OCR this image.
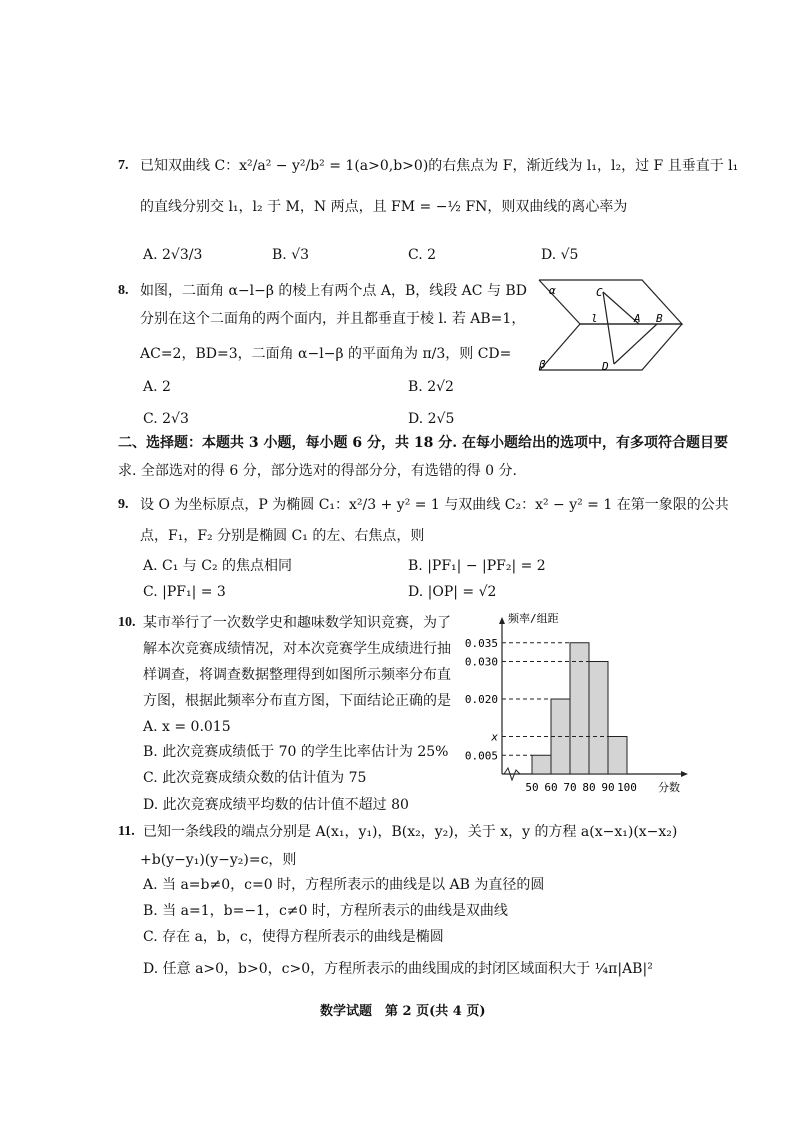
7. 已知双曲线 C：x²/a² − y²/b² = 1(a>0,b>0)的右焦点为 F，渐近线为 l₁，l₂，过 F 且垂直于 l₁
的直线分别交 l₁，l₂ 于 M，N 两点，且 FM = −½ FN，则双曲线的离心率为
A. 2√3/3	B. √3	C. 2	D. √5
8. 如图，二面角 α−l−β 的棱上有两个点 A，B，线段 AC 与 BD
分别在这个二面角的两个面内，并且都垂直于棱 l. 若 AB=1，
AC=2，BD=3，二面角 α−l−β 的平面角为 π/3，则 CD=
A. 2	B. 2√2
C. 2√3	D. 2√5
α
l
C
A B
D
β
二、选择题：本题共 3 小题，每小题 6 分，共 18 分. 在每小题给出的选项中，有多项符合题目要
求. 全部选对的得 6 分，部分选对的得部分分，有选错的得 0 分.
9. 设 O 为坐标原点，P 为椭圆 C₁：x²/3 + y² = 1 与双曲线 C₂：x² − y² = 1 在第一象限的公共
点，F₁，F₂ 分别是椭圆 C₁ 的左、右焦点，则
A. C₁ 与 C₂ 的焦点相同	B. |PF₁| − |PF₂| = 2
C. |PF₁| = 3	D. |OP| = √2
10. 某市举行了一次数学史和趣味数学知识竞赛，为了
解本次竞赛成绩情况，对本次竞赛学生成绩进行抽
样调查，将调查数据整理得到如图所示频率分布直
方图，根据此频率分布直方图，下面结论正确的是
A. x = 0.015
B. 此次竞赛成绩低于 70 的学生比率估计为 25%
C. 此次竞赛成绩众数的估计值为 75
D. 此次竞赛成绩平均数的估计值不超过 80
频率/组距
分数
0.035
0.030
0.020
x
0.005
50 60 70 80 90 100
11. 已知一条线段的端点分别是 A(x₁，y₁)，B(x₂，y₂)，关于 x，y 的方程 a(x−x₁)(x−x₂)
+b(y−y₁)(y−y₂)=c，则
A. 当 a=b≠0，c=0 时，方程所表示的曲线是以 AB 为直径的圆
B. 当 a=1，b=−1，c≠0 时，方程所表示的曲线是双曲线
C. 存在 a，b，c，使得方程所表示的曲线是椭圆
D. 任意 a>0，b>0，c>0，方程所表示的曲线围成的封闭区域面积大于 ¼π|AB|²
数学试题　第 2 页(共 4 页)
